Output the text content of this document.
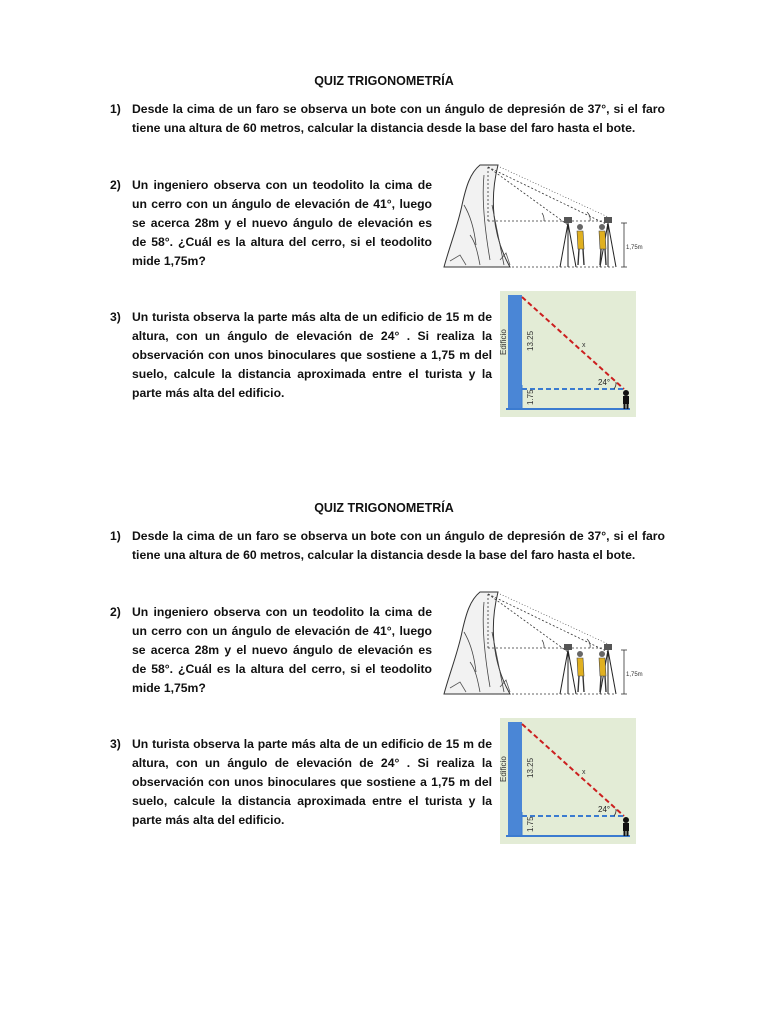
QUIZ TRIGONOMETRÍA
1) Desde la cima de un faro se observa un bote con un ángulo de depresión de 37°, si el faro tiene una altura de 60 metros, calcular la distancia desde la base del faro hasta el bote.
2) Un ingeniero observa con un teodolito la cima de un cerro con un ángulo de elevación de 41°, luego se acerca 28m y el nuevo ángulo de elevación es de 58°. ¿Cuál es la altura del cerro, si el teodolito mide 1,75m?
1,75m
3) Un turista observa la parte más alta de un edificio de 15 m de altura, con un ángulo de elevación de 24° . Si realiza la observación con unos binoculares que sostiene a 1,75 m del suelo, calcule la distancia aproximada entre el turista y la parte más alta del edificio.
Edificio 13.25
1.75
x
24°
QUIZ TRIGONOMETRÍA
1) Desde la cima de un faro se observa un bote con un ángulo de depresión de 37°, si el faro tiene una altura de 60 metros, calcular la distancia desde la base del faro hasta el bote.
2) Un ingeniero observa con un teodolito la cima de un cerro con un ángulo de elevación de 41°, luego se acerca 28m y el nuevo ángulo de elevación es de 58°. ¿Cuál es la altura del cerro, si el teodolito mide 1,75m?
1,75m
3) Un turista observa la parte más alta de un edificio de 15 m de altura, con un ángulo de elevación de 24° . Si realiza la observación con unos binoculares que sostiene a 1,75 m del suelo, calcule la distancia aproximada entre el turista y la parte más alta del edificio.
Edificio 13.25
1.75
x
24°
